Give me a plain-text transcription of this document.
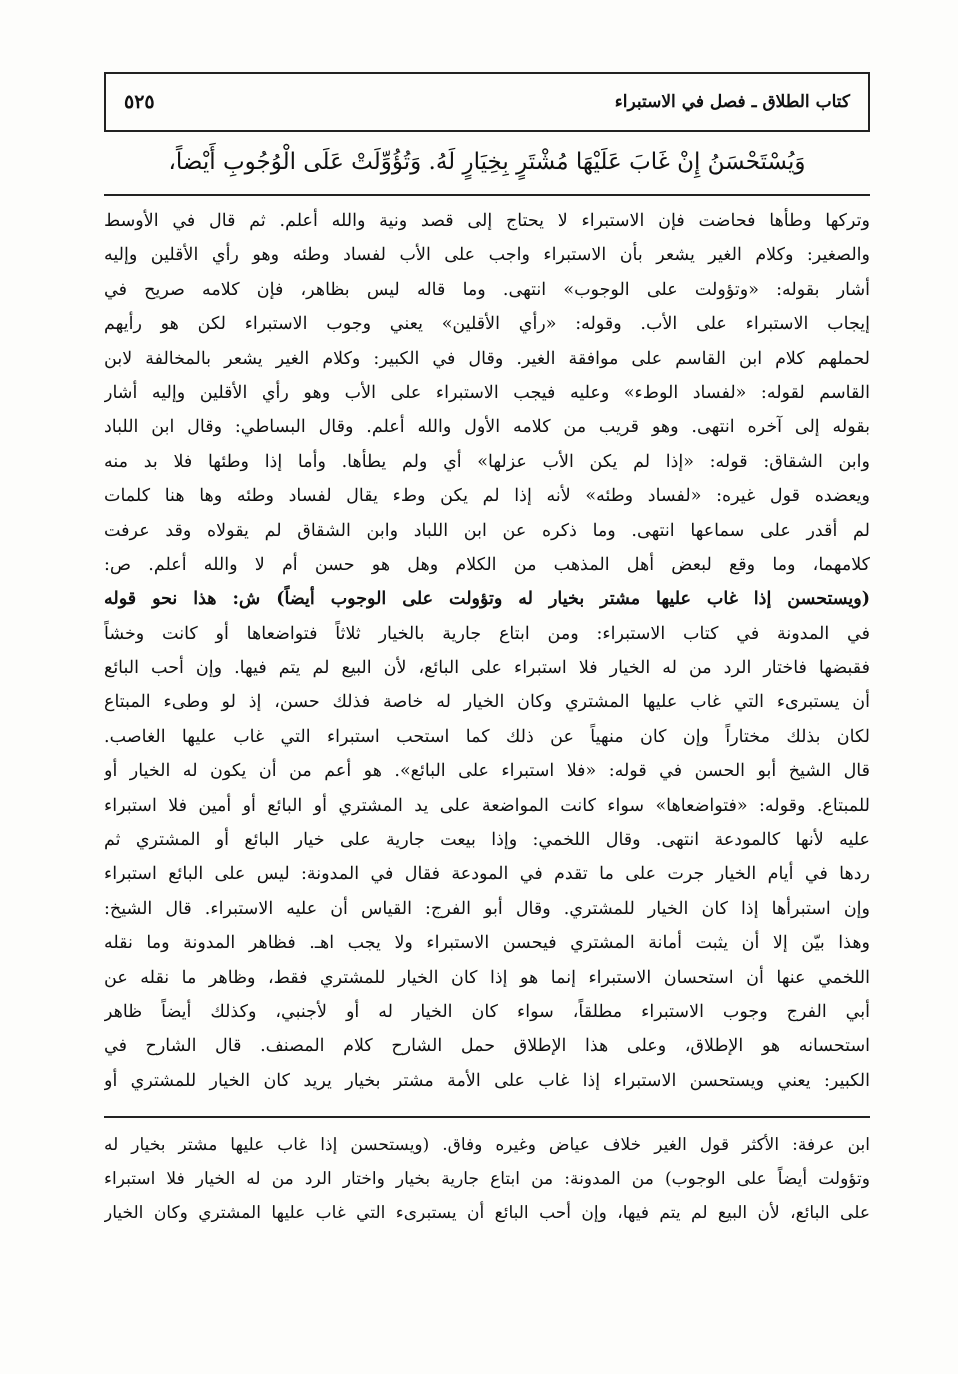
كتاب الطلاق ـ فصل في الاستبراء
٥٢٥
وَيُسْتَحْسَنُ إِنْ غَابَ عَلَيْهَا مُشْتَرٍ بِخِيَارٍ لَهُ. وَتُؤُوِّلَتْ عَلَى الْوُجُوبِ أَيْضاً،
وتركها وطأها فحاضت فإن الاستبراء لا يحتاج إلى قصد ونية والله أعلم. ثم قال في الأوسط
والصغير: وكلام الغير يشعر بأن الاستبراء واجب على الأب لفساد وطئه وهو رأي الأقلين وإليه
أشار بقوله: «وتؤولت على الوجوب» انتهى. وما قاله ليس بظاهر، فإن كلامه صريح في
إيجاب الاستبراء على الأب. وقوله: «رأي الأقلين» يعني وجوب الاستبراء لكن هو رأيهم
لحملهم كلام ابن القاسم على موافقة الغير. وقال في الكبير: وكلام الغير يشعر بالمخالفة لابن
القاسم لقوله: «لفساد الوطء» وعليه فيجب الاستبراء على الأب وهو رأي الأقلين وإليه أشار
بقوله إلى آخره انتهى. وهو قريب من كلامه الأول والله أعلم. وقال البساطي: وقال ابن اللباد
وابن الشقاق: قوله: «إذا لم يكن الأب عزلها» أي ولم يطأها. وأما إذا وطئها فلا بد منه
ويعضده قول غيره: «لفساد وطئه» لأنه إذا لم يكن وطء يقال لفساد وطئه وها هنا كلمات
لم أقدر على سماعها انتهى. وما ذكره عن ابن اللباد وابن الشقاق لم يقولاه وقد عرفت
كلامهما، وما وقع لبعض أهل المذهب من الكلام وهل هو حسن أم لا والله أعلم. ص:
(ويستحسن إذا غاب عليها مشتر بخيار له وتؤولت على الوجوب أيضاً) ش: هذا نحو قوله
في المدونة في كتاب الاستبراء: ومن ابتاع جارية بالخيار ثلاثاً فتواضعاها أو كانت وخشاً
فقبضها فاختار الرد من له الخيار فلا استبراء على البائع، لأن البيع لم يتم فيها. وإن أحب البائع
أن يستبرىء التي غاب عليها المشتري وكان الخيار له خاصة فذلك حسن، إذ لو وطىء المبتاع
لكان بذلك مختاراً وإن كان منهياً عن ذلك كما استحب استبراء التي غاب عليها الغاصب.
قال الشيخ أبو الحسن في قوله: «فلا استبراء على البائع». هو أعم من أن يكون له الخيار أو
للمبتاع. وقوله: «فتواضعاها» سواء كانت المواضعة على يد المشتري أو البائع أو أمين فلا استبراء
عليه لأنها كالمودعة انتهى. وقال اللخمي: وإذا بيعت جارية على خيار البائع أو المشتري ثم
ردها في أيام الخيار جرت على ما تقدم في المودعة فقال في المدونة: ليس على البائع استبراء
وإن استبرأها إذا كان الخيار للمشتري. وقال أبو الفرج: القياس أن عليه الاستبراء. قال الشيخ:
وهذا بيّن إلا أن يثبت أمانة المشتري فيحسن الاستبراء ولا يجب اهـ. فظاهر المدونة وما نقله
اللخمي عنها أن استحسان الاستبراء إنما هو إذا كان الخيار للمشتري فقط، وظاهر ما نقله عن
أبي الفرج وجوب الاستبراء مطلقاً، سواء كان الخيار له أو لأجنبي، وكذلك أيضاً ظاهر
استحسانه هو الإطلاق، وعلى هذا الإطلاق حمل الشارح كلام المصنف. قال الشارح في
الكبير: يعني ويستحسن الاستبراء إذا غاب على الأمة مشتر بخيار يريد كان الخيار للمشتري أو
ابن عرفة: الأكثر قول الغير خلاف عياض وغيره وفاق. (ويستحسن إذا غاب عليها مشتر بخيار له
وتؤولت أيضاً على الوجوب) من المدونة: من ابتاع جارية بخيار واختار الرد من له الخيار فلا استبراء
على البائع، لأن البيع لم يتم فيها، وإن أحب البائع أن يستبرىء التي غاب عليها المشتري وكان الخيار
